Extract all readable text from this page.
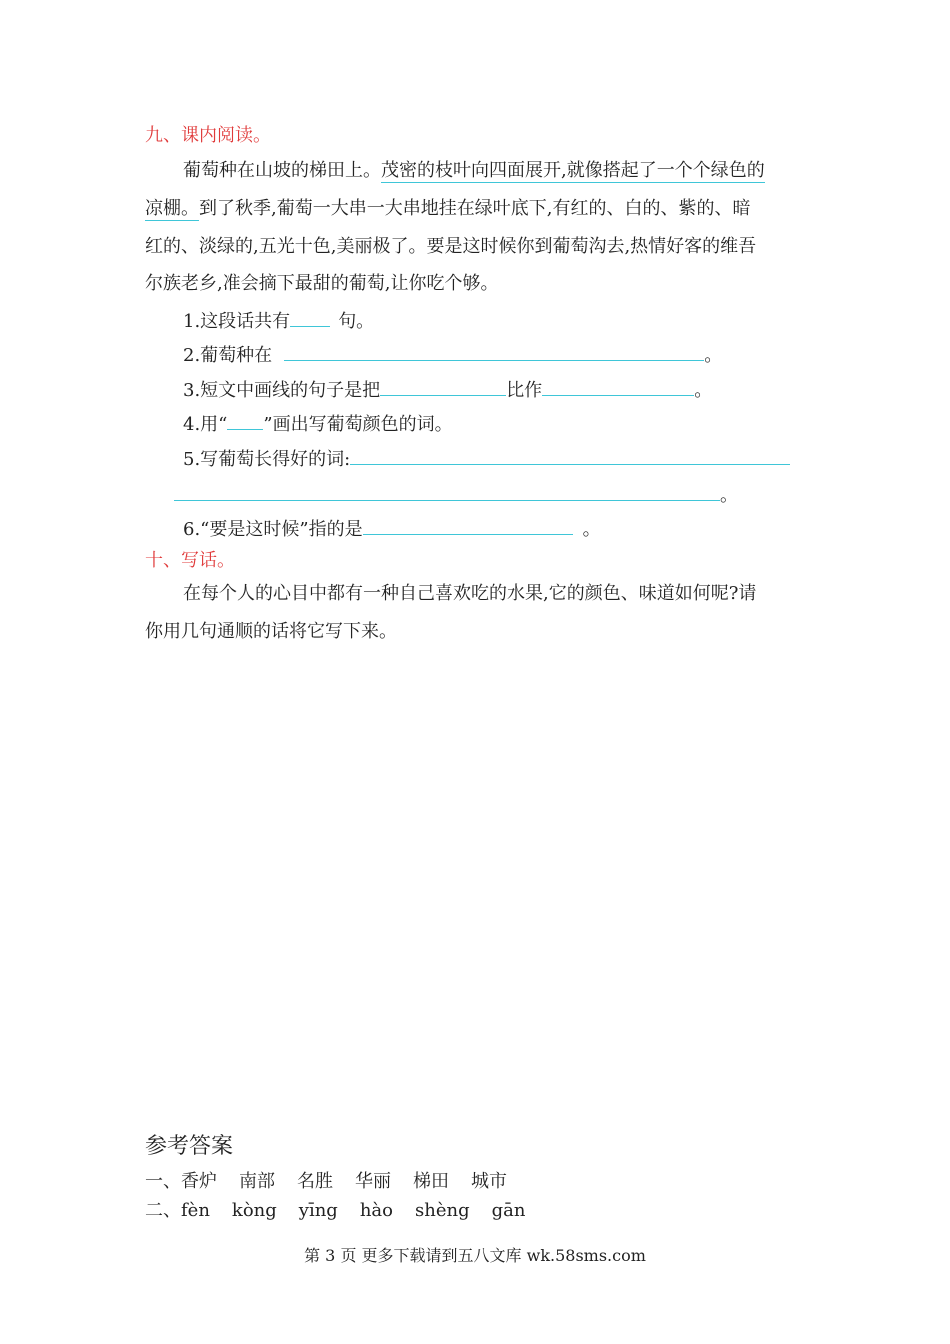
九、课内阅读。
葡萄种在山坡的梯田上。茂密的枝叶向四面展开,就像搭起了一个个绿色的
凉棚。到了秋季,葡萄一大串一大串地挂在绿叶底下,有红的、白的、紫的、暗
红的、淡绿的,五光十色,美丽极了。要是这时候你到葡萄沟去,热情好客的维吾
尔族老乡,准会摘下最甜的葡萄,让你吃个够。
1.这段话共有	句。
2.葡萄种在	。
3.短文中画线的句子是把	比作	。
4.用“ ”画出写葡萄颜色的词。
5.写葡萄长得好的词:
。
6.“要是这时候”指的是	。
十、写话。
在每个人的心目中都有一种自己喜欢吃的水果,它的颜色、味道如何呢?请
你用几句通顺的话将它写下来。
参考答案
一、香炉 南部 名胜 华丽 梯田 城市
二、fèn kòng yīng hào shèng gān
第 3 页 更多下载请到五八文库 wk.58sms.com
